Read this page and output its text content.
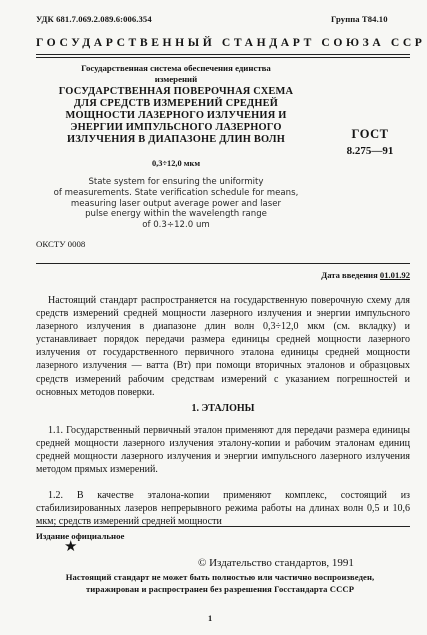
УДК 681.7.069.2.089.6:006.354	Группа Т84.10
ГОСУДАРСТВЕННЫЙ СТАНДАРТ СОЮЗА ССР
Государственная система обеспечения единства
измерений
ГОСУДАРСТВЕННАЯ ПОВЕРОЧНАЯ СХЕМА
ДЛЯ СРЕДСТВ ИЗМЕРЕНИЙ СРЕДНЕЙ
МОЩНОСТИ ЛАЗЕРНОГО ИЗЛУЧЕНИЯ И
ЭНЕРГИИ ИМПУЛЬСНОГО ЛАЗЕРНОГО
ИЗЛУЧЕНИЯ В ДИАПАЗОНЕ ДЛИН ВОЛН
0,3÷12,0 мкм
ГОСТ
8.275—91
State system for ensuring the uniformity
of measurements. State verification schedule for means,
measuring laser output average power and laser
pulse energy within the wavelength range
of 0.3÷12.0 um
ОКСТУ 0008
Дата введения 01.01.92
Настоящий стандарт распространяется на государственную поверочную схему для средств измерений средней мощности лазерного излучения и энергии импульсного лазерного излучения в диапазоне длин волн 0,3÷12,0 мкм (см. вкладку) и устанавливает порядок передачи размера единицы средней мощности лазерного излучения от государственного первичного эталона единицы средней мощности лазерного излучения — ватта (Вт) при помощи вторичных эталонов и образцовых средств измерений рабочим средствам измерений с указанием погрешностей и основных методов поверки.
1. ЭТАЛОНЫ
1.1. Государственный первичный эталон применяют для передачи размера единицы средней мощности лазерного излучения эталону-копии и рабочим эталонам единиц средней мощности лазерного излучения и энергии импульсного лазерного излучения методом прямых измерений.
1.2. В качестве эталона-копии применяют комплекс, состоящий из стабилизированных лазеров непрерывного режима работы на длинах волн 0,5 и 10,6 мкм; средств измерений средней мощности
Издание официальное
★
© Издательство стандартов, 1991
Настоящий стандарт не может быть полностью или частично воспроизведен,
тиражирован и распространен без разрешения Госстандарта СССР
1
